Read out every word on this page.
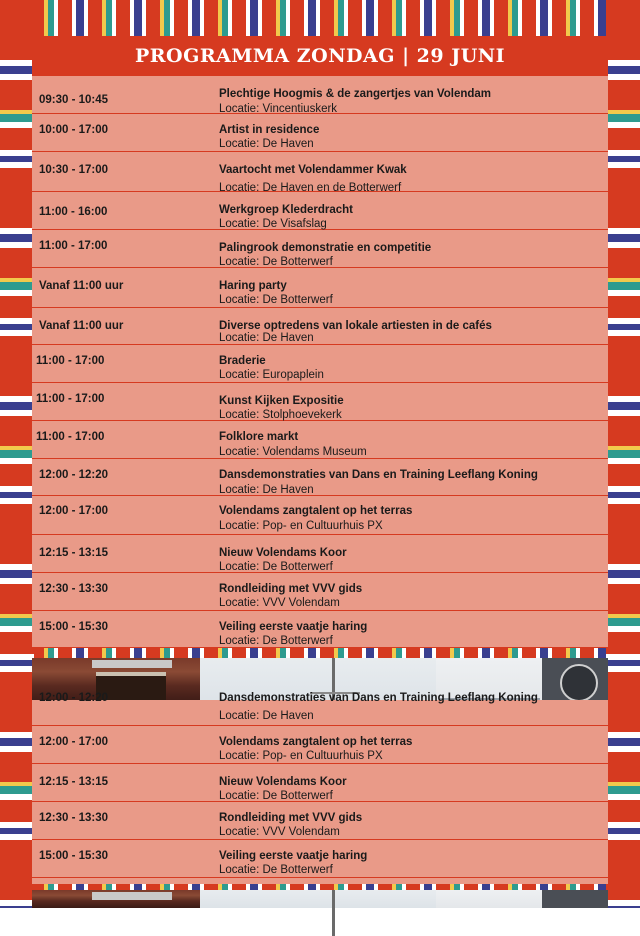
PROGRAMMA ZONDAG | 29 JUNI
09:30 - 10:45	Plechtige Hoogmis & de zangertjes van Volendam
Locatie: Vincentiuskerk
10:00 - 17:00	Artist in residence
Locatie: De Haven
10:30 - 17:00	Vaartocht met Volendammer Kwak
Locatie: De Haven en de Botterwerf
11:00 - 16:00	Werkgroep Klederdracht
Locatie: De Visafslag
11:00 - 17:00	Palingrook demonstratie en competitie
Locatie: De Botterwerf
Vanaf 11:00 uur	Haring party
Locatie: De Botterwerf
Vanaf 11:00 uur	Diverse optredens van lokale artiesten in de cafés
Locatie: De Haven
11:00 - 17:00	Braderie
Locatie: Europaplein
11:00 - 17:00	Kunst Kijken Expositie
Locatie: Stolphoevekerk
11:00 - 17:00	Folklore markt
Locatie: Volendams Museum
12:00 - 12:20	Dansdemonstraties van Dans en Training Leeflang Koning
Locatie: De Haven
12:00 - 17:00	Volendams zangtalent op het terras
Locatie: Pop- en Cultuurhuis PX
12:15 - 13:15	Nieuw Volendams Koor
Locatie: De Botterwerf
12:30 - 13:30	Rondleiding met VVV gids
Locatie: VVV Volendam
15:00 - 15:30	Veiling eerste vaatje haring
Locatie: De Botterwerf
12:00 - 12:20	Dansdemonstraties van Dans en Training Leeflang Koning
Locatie: De Haven
12:00 - 17:00	Volendams zangtalent op het terras
Locatie: Pop- en Cultuurhuis PX
12:15 - 13:15	Nieuw Volendams Koor
Locatie: De Botterwerf
12:30 - 13:30	Rondleiding met VVV gids
Locatie: VVV Volendam
15:00 - 15:30	Veiling eerste vaatje haring
Locatie: De Botterwerf
